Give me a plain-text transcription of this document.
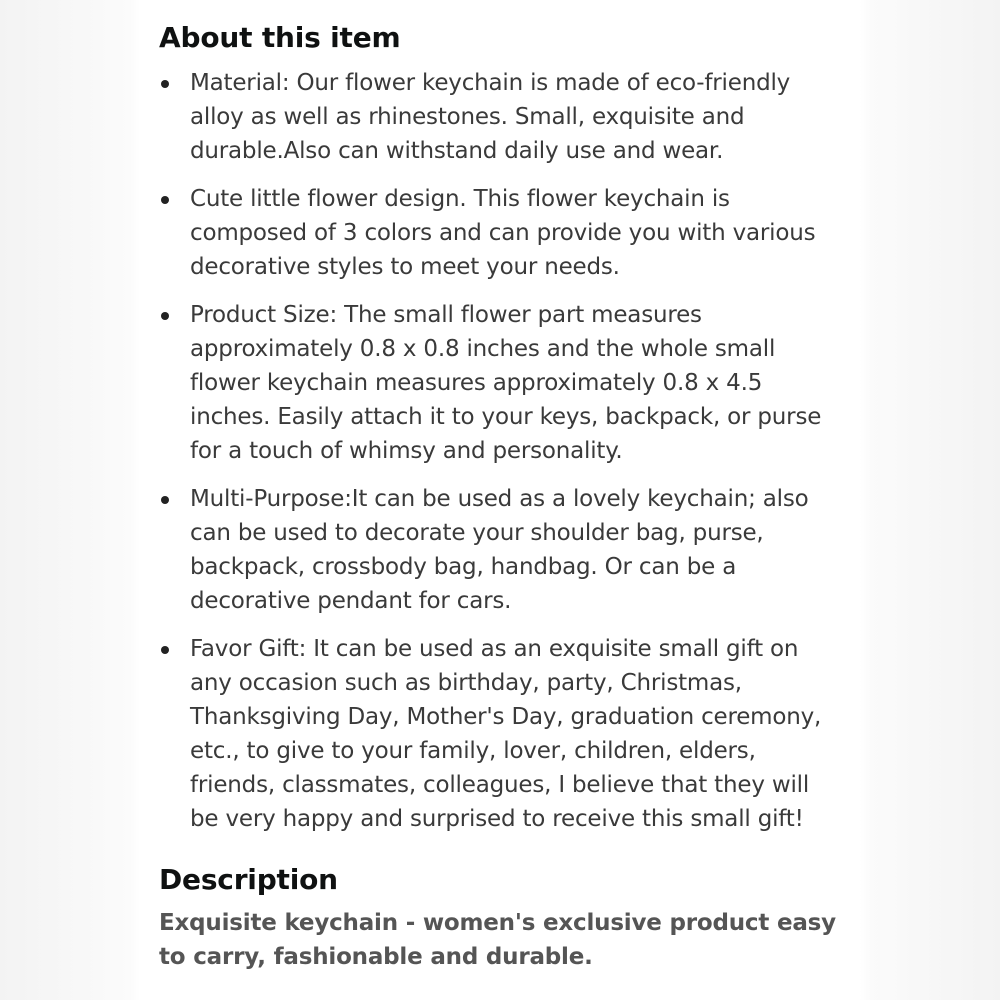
About this item
Material: Our flower keychain is made of eco-friendly alloy as well as rhinestones. Small, exquisite and durable.Also can withstand daily use and wear.
Cute little flower design. This flower keychain is composed of 3 colors and can provide you with various decorative styles to meet your needs.
Product Size: The small flower part measures approximately 0.8 x 0.8 inches and the whole small flower keychain measures approximately 0.8 x 4.5 inches. Easily attach it to your keys, backpack, or purse for a touch of whimsy and personality.
Multi-Purpose:It can be used as a lovely keychain; also can be used to decorate your shoulder bag, purse, backpack, crossbody bag, handbag. Or can be a decorative pendant for cars.
Favor Gift: It can be used as an exquisite small gift on any occasion such as birthday, party, Christmas, Thanksgiving Day, Mother's Day, graduation ceremony, etc., to give to your family, lover, children, elders, friends, classmates, colleagues, I believe that they will be very happy and surprised to receive this small gift!
Description

Exquisite keychain - women's exclusive product easy to carry, fashionable and durable.
